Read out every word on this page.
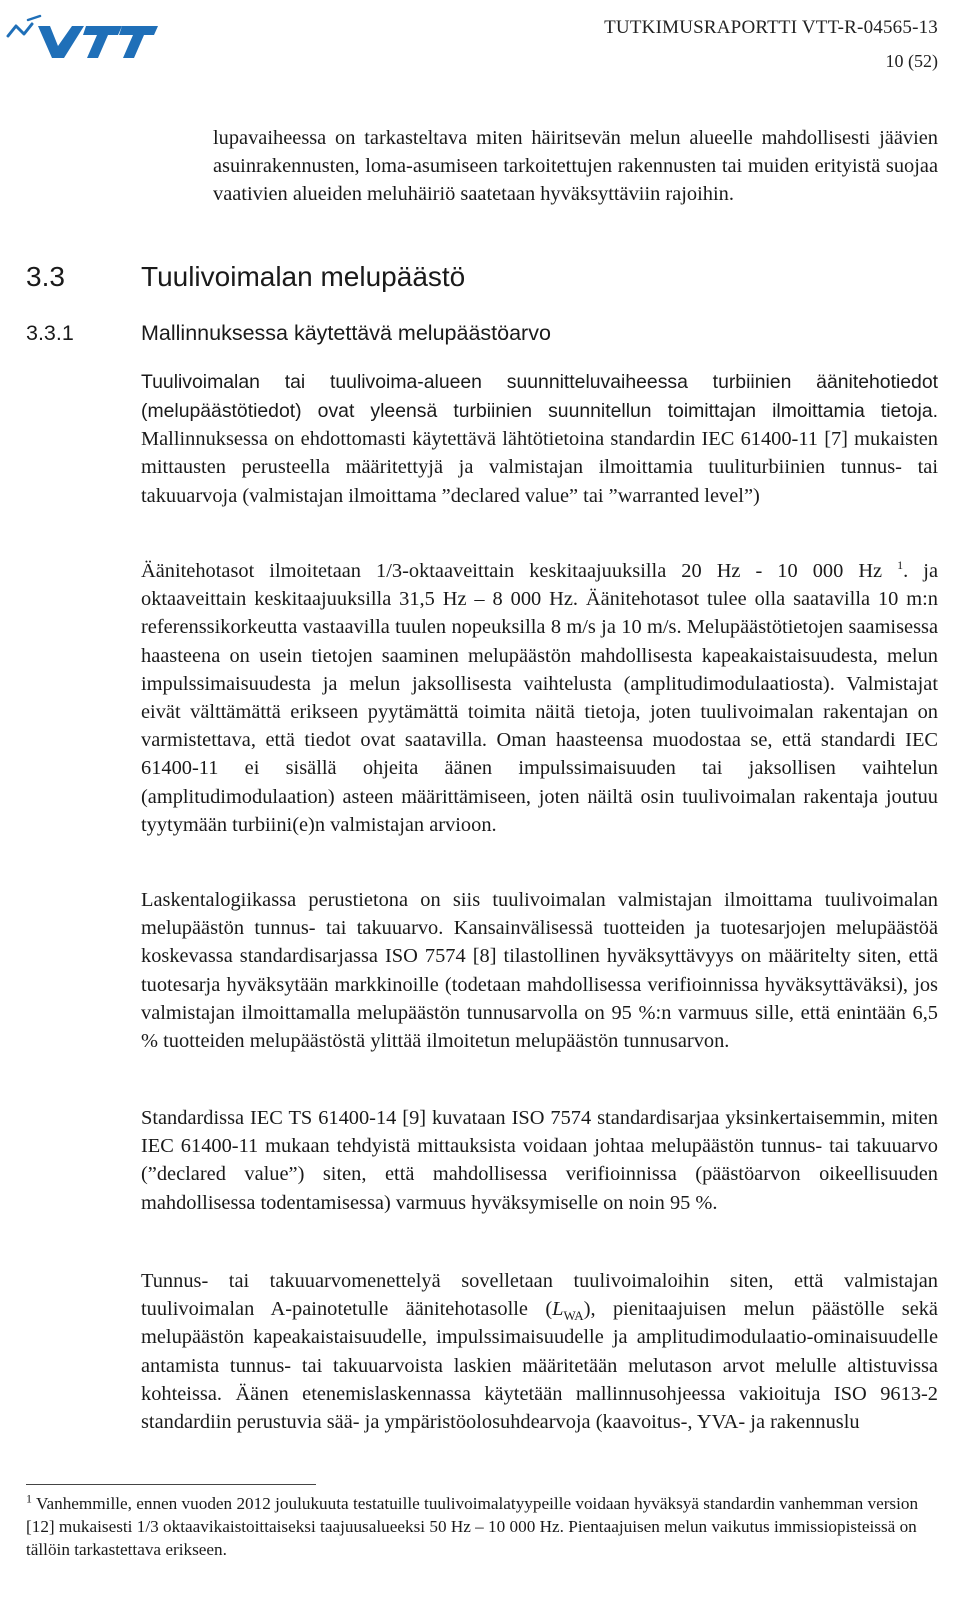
TUTKIMUSRAPORTTI VTT-R-04565-13
10 (52)

lupavaiheessa on tarkasteltava miten häiritsevän melun alueelle mahdollisesti jäävien asuinrakennusten, loma-asumiseen tarkoitettujen rakennusten tai muiden erityistä suojaa vaativien alueiden meluhäiriö saatetaan hyväksyttäviin rajoihin.

3.3	Tuulivoimalan melupäästö
3.3.1	Mallinnuksessa käytettävä melupäästöarvo

Tuulivoimalan tai tuulivoima-alueen suunnitteluvaiheessa turbiinien äänitehotiedot (melupäästötiedot) ovat yleensä turbiinien suunnitellun toimittajan ilmoittamia tietoja. Mallinnuksessa on ehdottomasti käytettävä lähtötietoina standardin IEC 61400-11 [7] mukaisten mittausten perusteella määritettyjä ja valmistajan ilmoittamia tuuliturbiinien tunnus- tai takuuarvoja (valmistajan ilmoittama ”declared value” tai ”warranted level”)

Äänitehotasot ilmoitetaan 1/3-oktaaveittain keskitaajuuksilla 20 Hz - 10 000 Hz $^1$. ja oktaaveittain keskitaajuuksilla 31,5 Hz – 8 000 Hz. Äänitehotasot tulee olla saatavilla 10 m:n referenssikorkeutta vastaavilla tuulen nopeuksilla 8 m/s ja 10 m/s. Melupäästötietojen saamisessa haasteena on usein tietojen saaminen melupäästön mahdollisesta kapeakaistaisuudesta, melun impulssimaisuudesta ja melun jaksollisesta vaihtelusta (amplitudimodulaatiosta). Valmistajat eivät välttämättä erikseen pyytämättä toimita näitä tietoja, joten tuulivoimalan rakentajan on varmistettava, että tiedot ovat saatavilla. Oman haasteensa muodostaa se, että standardi IEC 61400-11 ei sisällä ohjeita äänen impulssimaisuuden tai jaksollisen vaihtelun (amplitudimodulaation) asteen määrittämiseen, joten näiltä osin tuulivoimalan rakentaja joutuu tyytymään turbiini(e)n valmistajan arvioon.

Laskentalogiikassa perustietona on siis tuulivoimalan valmistajan ilmoittama tuulivoimalan melupäästön tunnus- tai takuuarvo. Kansainvälisessä tuotteiden ja tuotesarjojen melupäästöä koskevassa standardisarjassa ISO 7574 [8] tilastollinen hyväksyttävyys on määritelty siten, että tuotesarja hyväksytään markkinoille (todetaan mahdollisessa verifioinnissa hyväksyttäväksi), jos valmistajan ilmoittamalla melupäästön tunnusarvolla on 95 %:n varmuus sille, että enintään 6,5 % tuotteiden melupäästöstä ylittää ilmoitetun melupäästön tunnusarvon.

Standardissa IEC TS 61400-14 [9] kuvataan ISO 7574 standardisarjaa yksinkertaisemmin, miten IEC 61400-11 mukaan tehdyistä mittauksista voidaan johtaa melupäästön tunnus- tai takuuarvo (”declared value”) siten, että mahdollisessa verifioinnissa (päästöarvon oikeellisuuden mahdollisessa todentamisessa) varmuus hyväksymiselle on noin 95 %.

Tunnus- tai takuuarvomenettelyä sovelletaan tuulivoimaloihin siten, että valmistajan tuulivoimalan A-painotetulle äänitehotasolle $(L_{WA})$, pienitaajuisen melun päästölle sekä melupäästön kapeakaistaisuudelle, impulssimaisuudelle ja amplitudimodulaatio-ominaisuudelle antamista tunnus- tai takuuarvoista laskien määritetään melutason arvot melulle altistuvissa kohteissa. Äänen etenemislaskennassa käytetään mallinnusohjeessa vakioituja ISO 9613-2 standardiin perustuvia sää- ja ympäristöolosuhdearvoja (kaavoitus-, YVA- ja rakennuslu

$^1$ Vanhemmille, ennen vuoden 2012 joulukuuta testatuille tuulivoimalatyypeille voidaan hyväksyä standardin vanhemman version [12] mukaisesti 1/3 oktaavikaistoittaiseksi taajuusalueeksi 50 Hz – 10 000 Hz. Pientaajuisen melun vaikutus immissiopisteissä on tällöin tarkastettava erikseen.
